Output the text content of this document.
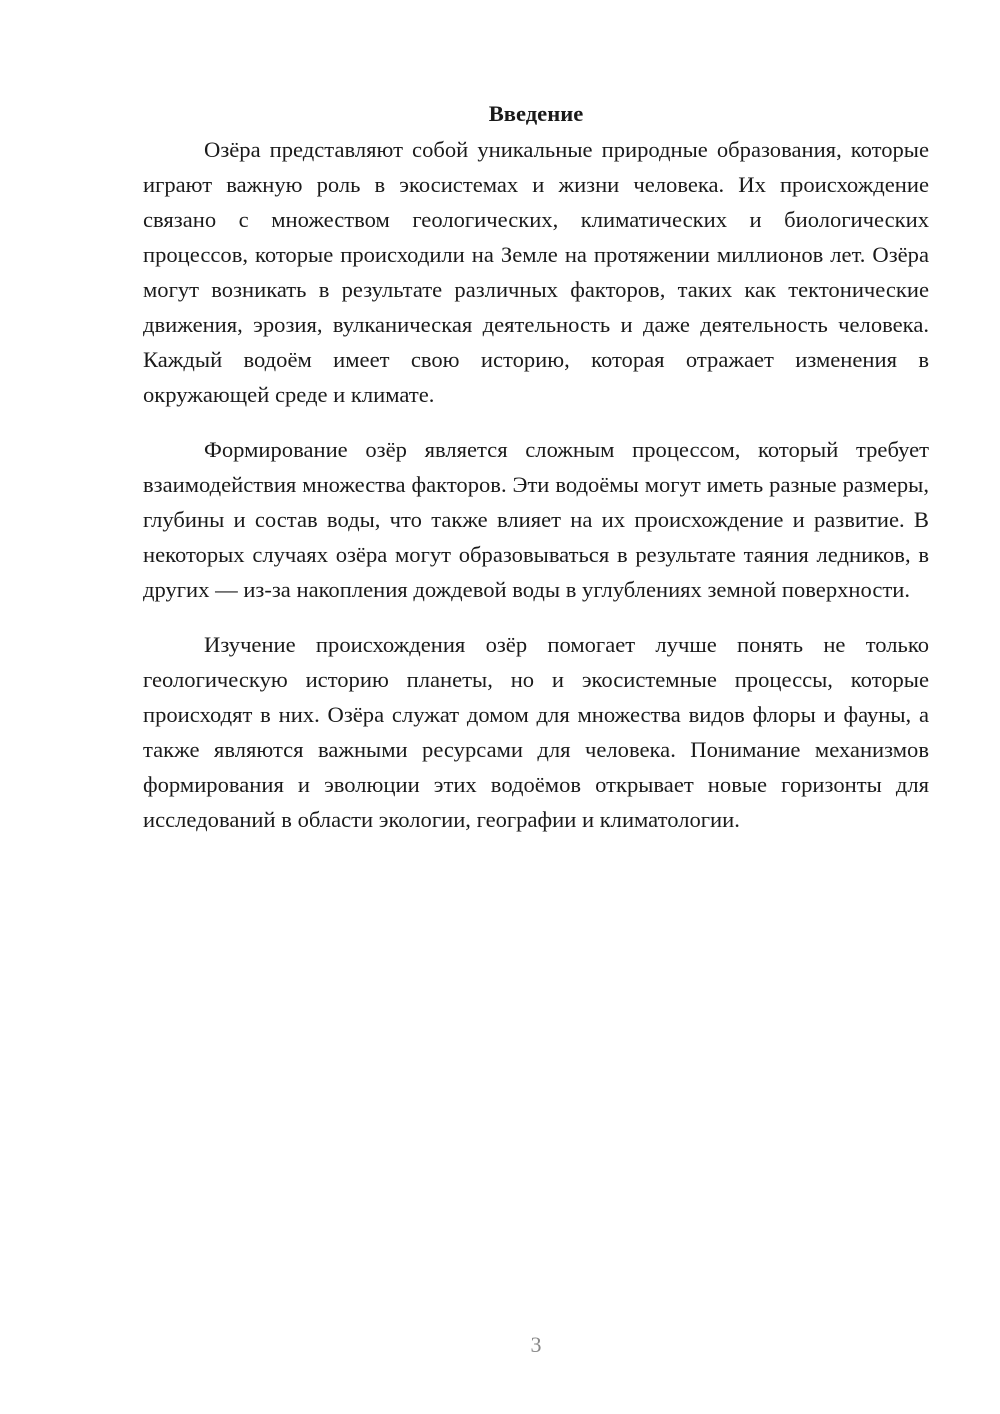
Введение

Озёра представляют собой уникальные природные образования, которые играют важную роль в экосистемах и жизни человека. Их происхождение связано с множеством геологических, климатических и биологических процессов, которые происходили на Земле на протяжении миллионов лет. Озёра могут возникать в результате различных факторов, таких как тектонические движения, эрозия, вулканическая деятельность и даже деятельность человека. Каждый водоём имеет свою историю, которая отражает изменения в окружающей среде и климате.

Формирование озёр является сложным процессом, который требует взаимодействия множества факторов. Эти водоёмы могут иметь разные размеры, глубины и состав воды, что также влияет на их происхождение и развитие. В некоторых случаях озёра могут образовываться в результате таяния ледников, в других — из-за накопления дождевой воды в углублениях земной поверхности.

Изучение происхождения озёр помогает лучше понять не только геологическую историю планеты, но и экосистемные процессы, которые происходят в них. Озёра служат домом для множества видов флоры и фауны, а также являются важными ресурсами для человека. Понимание механизмов формирования и эволюции этих водоёмов открывает новые горизонты для исследований в области экологии, географии и климатологии.

3
